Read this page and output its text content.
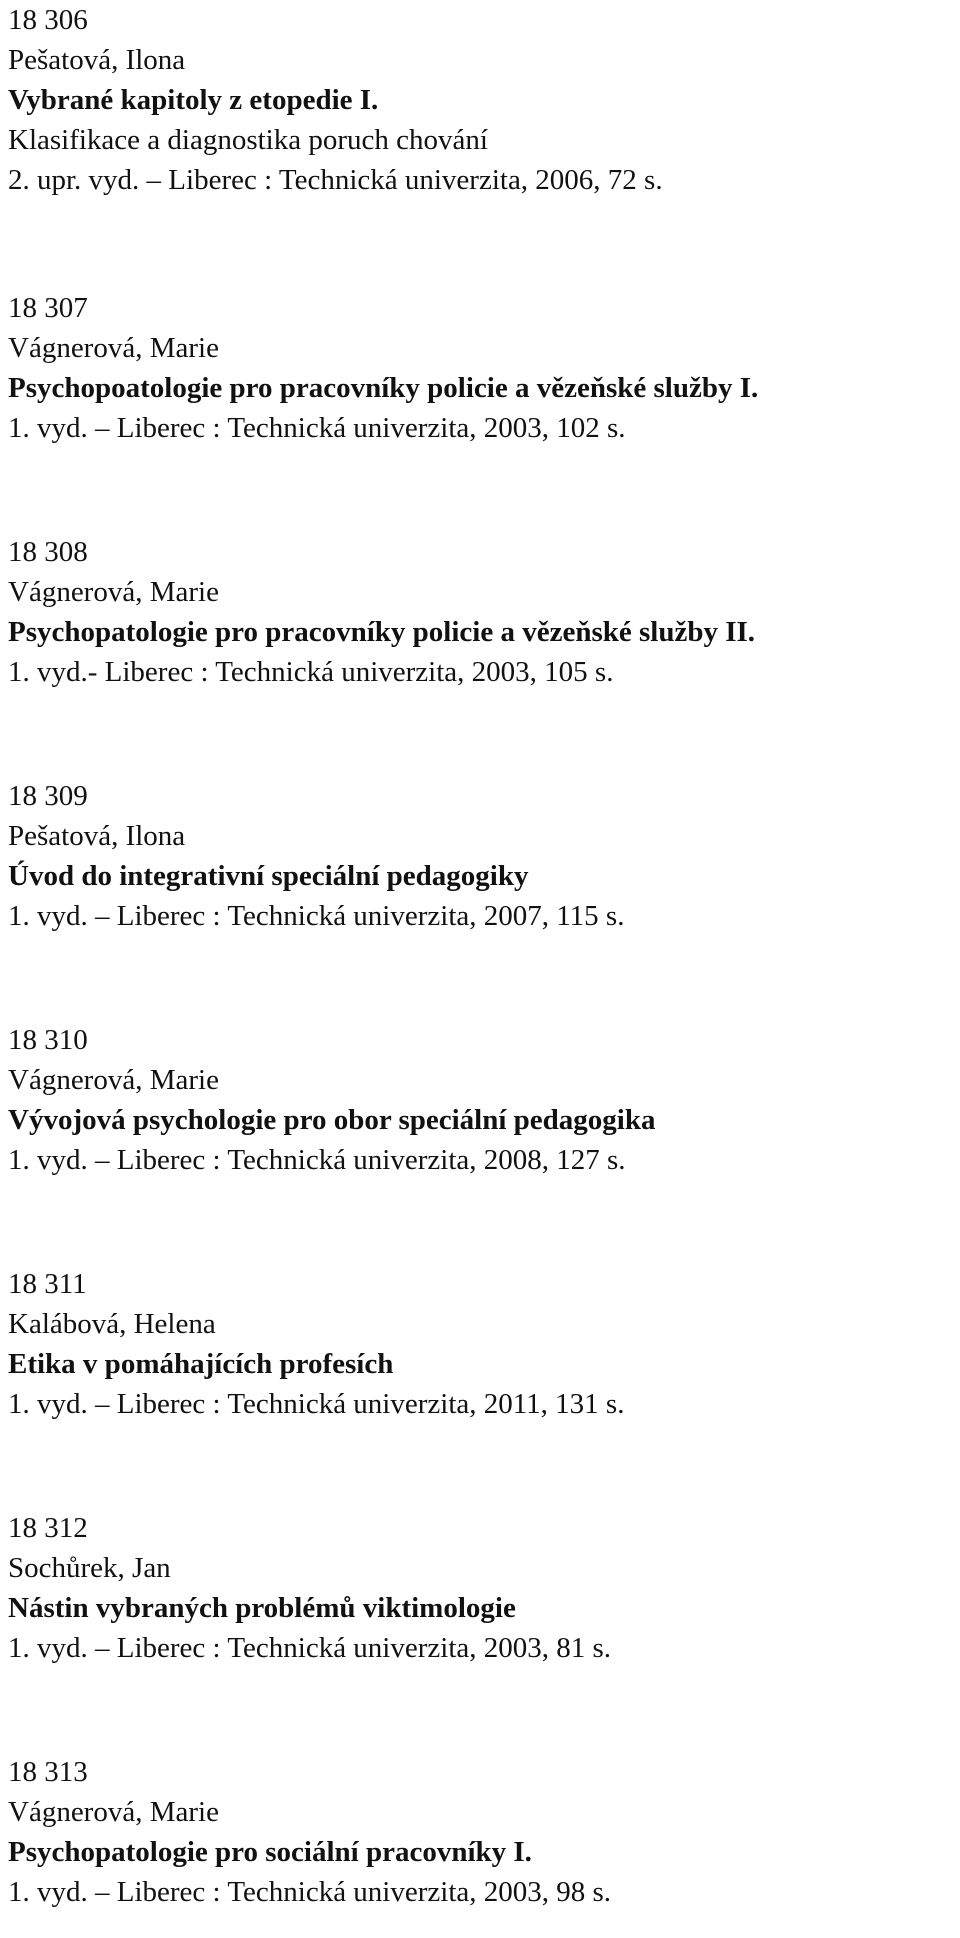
18 306
Pešatová, Ilona
Vybrané kapitoly z etopedie I.
Klasifikace a diagnostika poruch chování
2. upr. vyd. – Liberec : Technická univerzita, 2006, 72 s.
18 307
Vágnerová, Marie
Psychopoatologie pro pracovníky policie a vězeňské služby I.
1. vyd. – Liberec : Technická univerzita, 2003, 102 s.
18 308
Vágnerová, Marie
Psychopatologie pro pracovníky policie a vězeňské služby II.
1. vyd.- Liberec : Technická univerzita, 2003, 105 s.
18 309
Pešatová, Ilona
Úvod do integrativní speciální pedagogiky
1. vyd. – Liberec : Technická univerzita, 2007, 115 s.
18 310
Vágnerová, Marie
Vývojová psychologie pro obor speciální pedagogika
1. vyd. – Liberec : Technická univerzita, 2008, 127 s.
18 311
Kalábová, Helena
Etika v pomáhajících profesích
1. vyd. – Liberec : Technická univerzita, 2011, 131 s.
18 312
Sochůrek, Jan
Nástin vybraných problémů viktimologie
1. vyd. – Liberec : Technická univerzita, 2003, 81 s.
18 313
Vágnerová, Marie
Psychopatologie pro sociální pracovníky I.
1. vyd. – Liberec : Technická univerzita, 2003, 98 s.
